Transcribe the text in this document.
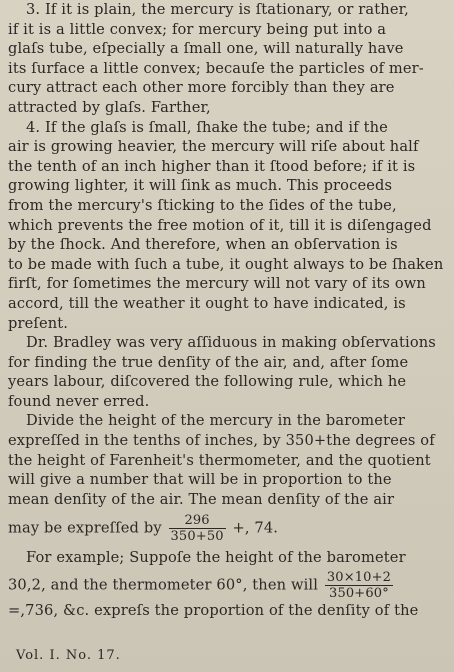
3. If it is plain, the mercury is ſtationary, or rather,
if it is a little convex; for mercury being put into a
glaſs tube, eſpecially a ſmall one, will naturally have
its ſurface a little convex; becauſe the particles of mer-
cury attract each other more forcibly than they are
attracted by glaſs. Farther,
4. If the glaſs is ſmall, ſhake the tube; and if the
air is growing heavier, the mercury will riſe about half
the tenth of an inch higher than it ſtood before; if it is
growing lighter, it will ſink as much. This proceeds
from the mercury's ſticking to the ſides of the tube,
which prevents the free motion of it, till it is diſengaged
by the ſhock. And therefore, when an obſervation is
to be made with ſuch a tube, it ought always to be ſhaken
firſt, for ſometimes the mercury will not vary of its own
accord, till the weather it ought to have indicated, is
preſent.
Dr. Bradley was very aſſiduous in making obſervations
for finding the true denſity of the air, and, after ſome
years labour, diſcovered the following rule, which he
found never erred.
Divide the height of the mercury in the barometer
expreſſed in the tenths of inches, by 350+the degrees of
the height of Farenheit's thermometer, and the quotient
will give a number that will be in proportion to the
mean denſity of the air. The mean denſity of the air
may be expreſſed by $\frac{296}{350+50}$ +, 74.
For example; Suppoſe the height of the barometer
30,2, and the thermometer 60°, then will $\frac{30\times 10+2}{350+60^\circ}$
=,736, &c. expreſs the proportion of the denſity of the
Vol. I. No. 17.
